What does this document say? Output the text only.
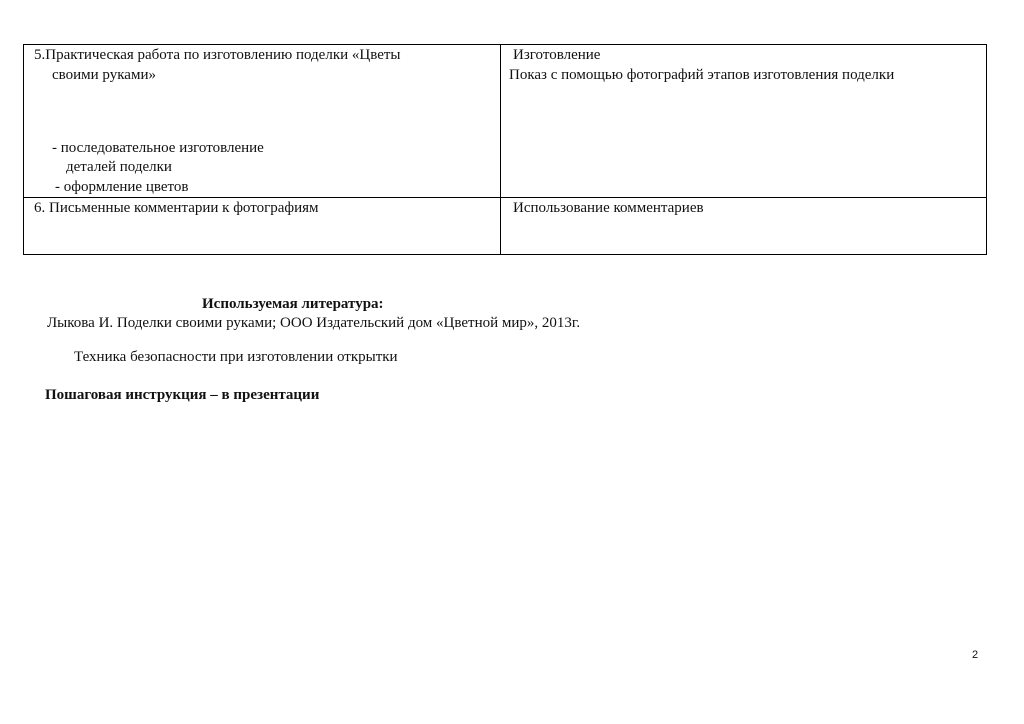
5.Практическая работа по изготовлению поделки «Цветы
своими руками»
- последовательное изготовление
деталей поделки
- оформление цветов
Изготовление
Показ с помощью фотографий этапов изготовления поделки
6. Письменные комментарии к фотографиям	Использование комментариев
Используемая литература:
Лыкова И. Поделки своими руками; ООО Издательский дом «Цветной мир», 2013г.
Техника безопасности при изготовлении открытки
Пошаговая инструкция – в презентации
2
